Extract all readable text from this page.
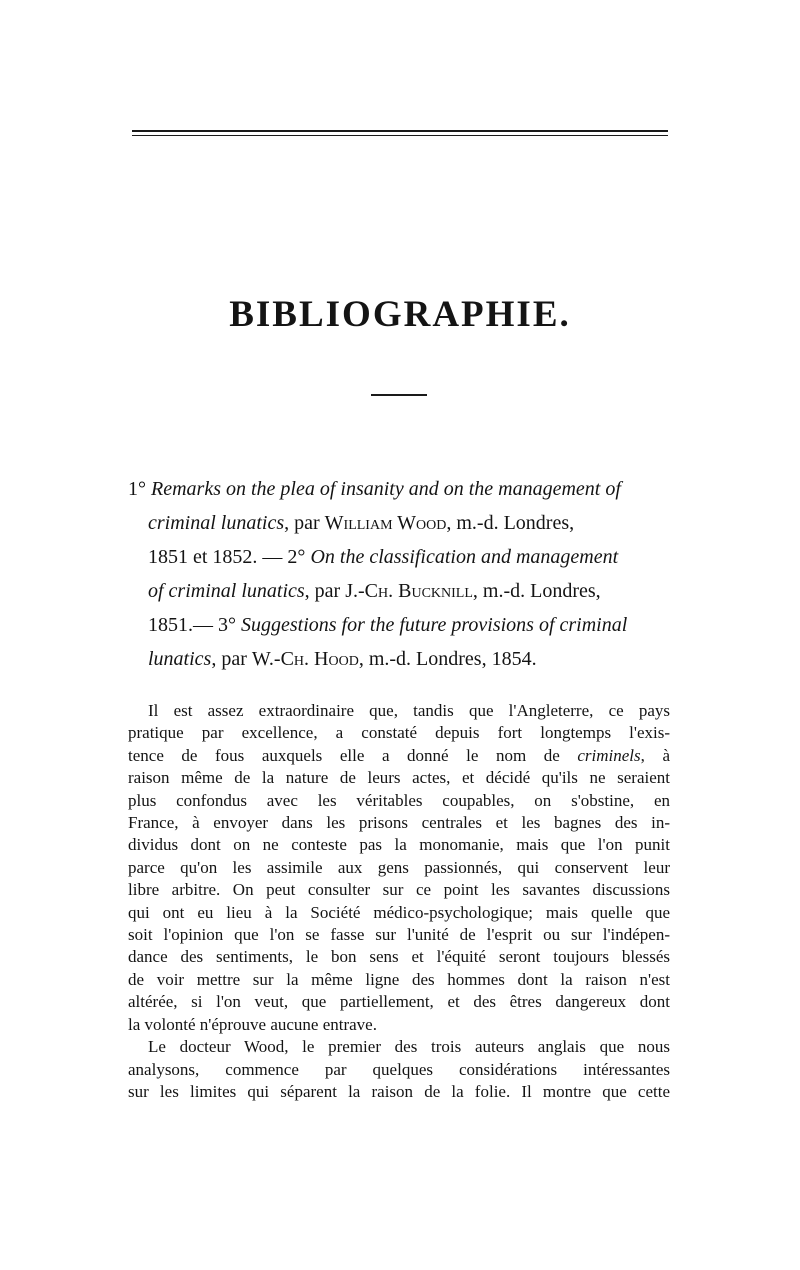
BIBLIOGRAPHIE.
1° Remarks on the plea of insanity and on the management of
criminal lunatics, par William Wood, m.-d. Londres,
1851 et 1852. — 2° On the classification and management
of criminal lunatics, par J.-Ch. Bucknill, m.-d. Londres,
1851.— 3° Suggestions for the future provisions of criminal
lunatics, par W.-Ch. Hood, m.-d. Londres, 1854.

Il est assez extraordinaire que, tandis que l'Angleterre, ce pays
pratique par excellence, a constaté depuis fort longtemps l'exis-
tence de fous auxquels elle a donné le nom de criminels, à
raison même de la nature de leurs actes, et décidé qu'ils ne seraient
plus confondus avec les véritables coupables, on s'obstine, en
France, à envoyer dans les prisons centrales et les bagnes des in-
dividus dont on ne conteste pas la monomanie, mais que l'on punit
parce qu'on les assimile aux gens passionnés, qui conservent leur
libre arbitre. On peut consulter sur ce point les savantes discussions
qui ont eu lieu à la Société médico-psychologique; mais quelle que
soit l'opinion que l'on se fasse sur l'unité de l'esprit ou sur l'indépen-
dance des sentiments, le bon sens et l'équité seront toujours blessés
de voir mettre sur la même ligne des hommes dont la raison n'est
altérée, si l'on veut, que partiellement, et des êtres dangereux dont
la volonté n'éprouve aucune entrave.

Le docteur Wood, le premier des trois auteurs anglais que nous
analysons, commence par quelques considérations intéressantes
sur les limites qui séparent la raison de la folie. Il montre que cette
